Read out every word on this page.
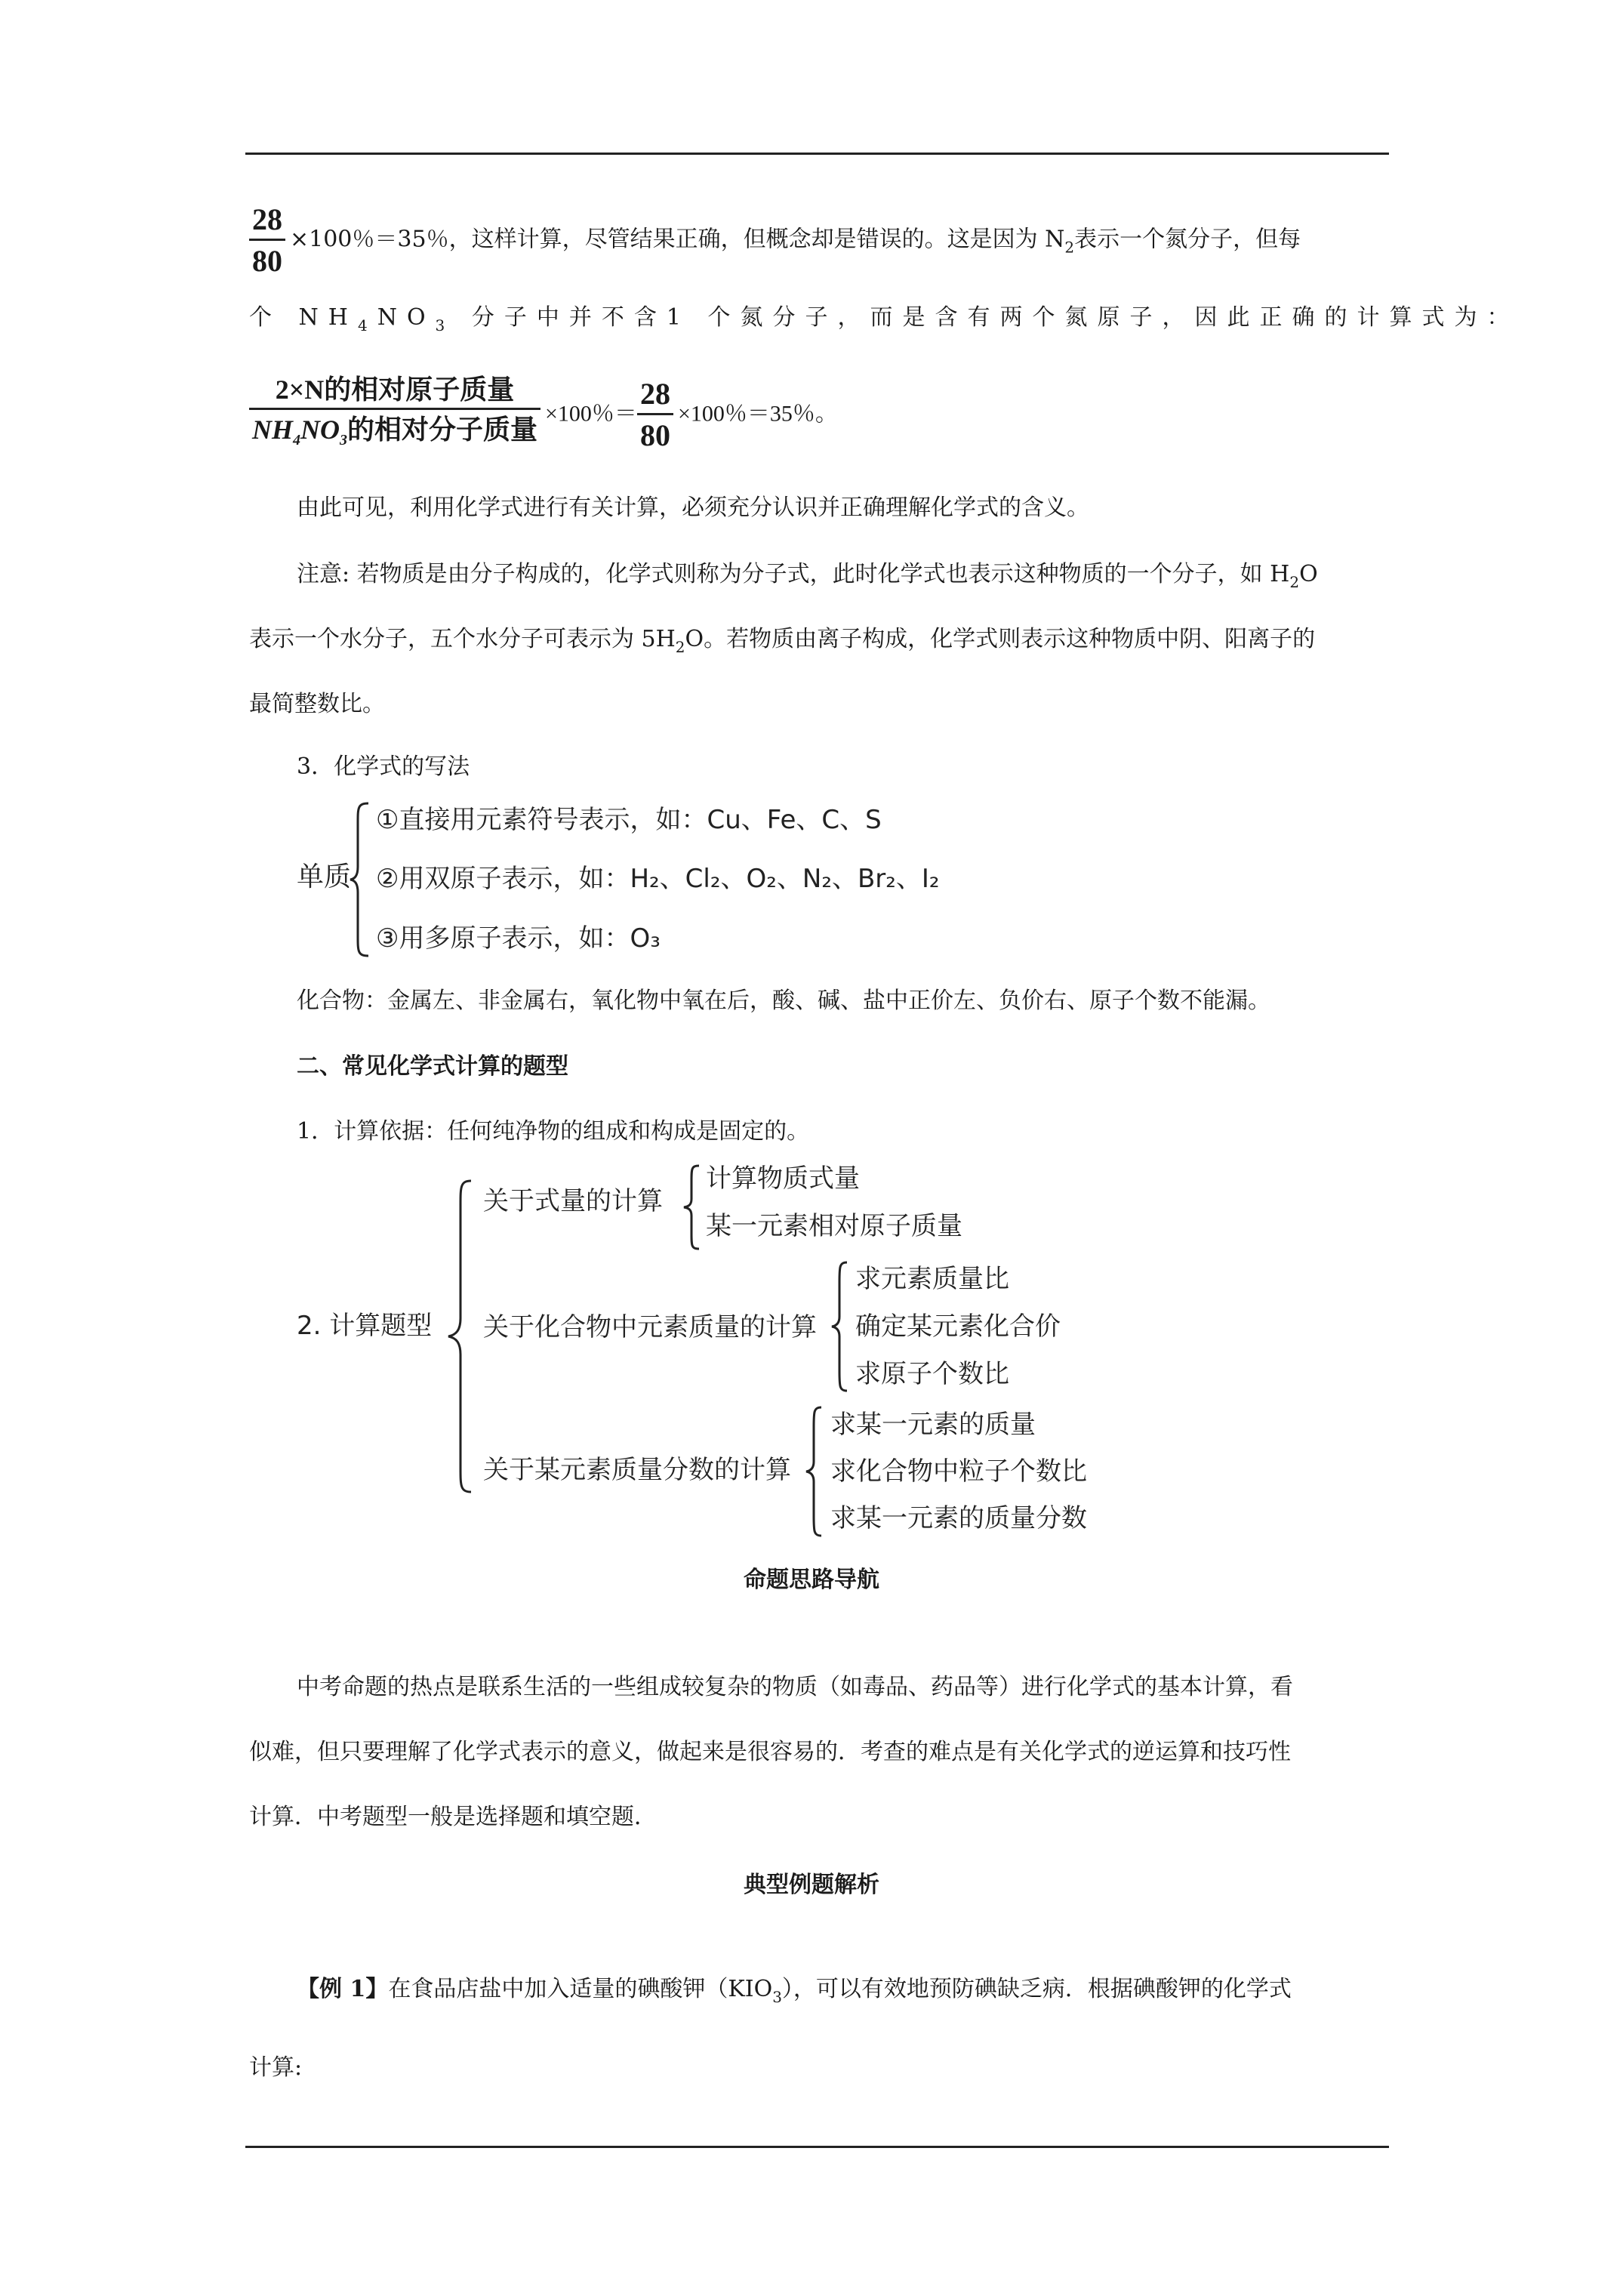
$\frac{28}{80} \times 100$％＝35％，这样计算，尽管结果正确，但概念却是错误的。这是因为 $N_2$表示一个氮分子，但每
个 $NH_4NO_3$ 分子中并不含1 个氮分子，而是含有两个氮原子，因此正确的计算式为：
$\frac{\text{2×N的相对原子质量}}{NH_4NO_3的相对分子质量} \times 100$％＝ $\frac{28}{80} \times 100$％＝35％。
由此可见，利用化学式进行有关计算，必须充分认识并正确理解化学式的含义。
注意: 若物质是由分子构成的，化学式则称为分子式，此时化学式也表示这种物质的一个分子，如 $H_2O$
表示一个水分子，五个水分子可表示为 $5H_2O$。若物质由离子构成，化学式则表示这种物质中阴、阳离子的
最简整数比。
3．化学式的写法
单质
①直接用元素符号表示，如：Cu、Fe、C、S
②用双原子表示，如：H₂、Cl₂、O₂、N₂、Br₂、I₂
③用多原子表示，如：O₃
化合物：金属左、非金属右，氧化物中氧在后，酸、碱、盐中正价左、负价右、原子个数不能漏。
二、常见化学式计算的题型
1．计算依据：任何纯净物的组成和构成是固定的。
2. 计算题型
关于式量的计算
计算物质式量
某一元素相对原子质量
关于化合物中元素质量的计算
求元素质量比
确定某元素化合价
求原子个数比
关于某元素质量分数的计算
求某一元素的质量
求化合物中粒子个数比
求某一元素的质量分数
命题思路导航
中考命题的热点是联系生活的一些组成较复杂的物质（如毒品、药品等）进行化学式的基本计算，看
似难，但只要理解了化学式表示的意义，做起来是很容易的．考查的难点是有关化学式的逆运算和技巧性
计算．中考题型一般是选择题和填空题．
典型例题解析
【例 1】在食品店盐中加入适量的碘酸钾$(KIO_3)$，可以有效地预防碘缺乏病．根据碘酸钾的化学式
计算:
